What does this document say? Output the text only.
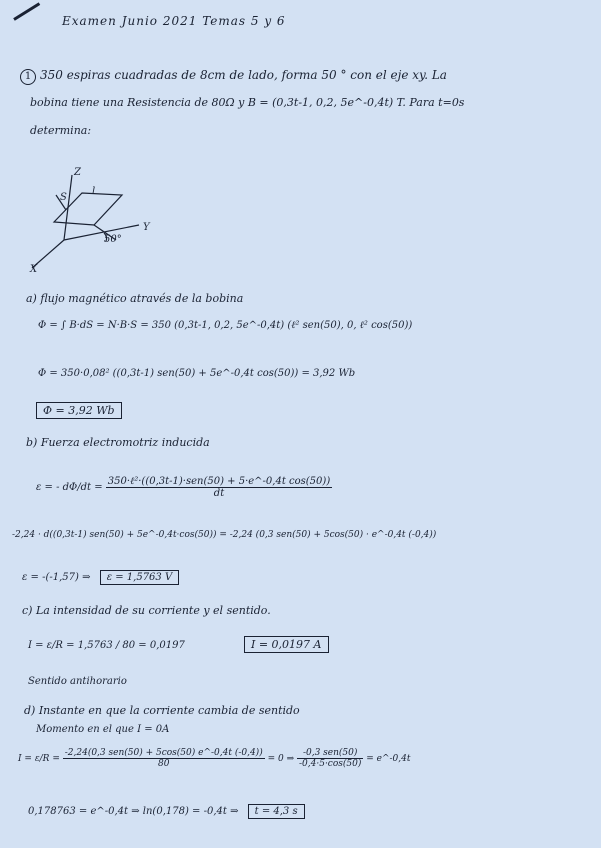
Examen Junio 2021 Temas 5 y 6
1 350 espiras cuadradas de 8cm de lado, forma 50 ° con el eje xy. La
bobina tiene una Resistencia de 80Ω y B = (0,3t-1, 0,2, 5e^-0,4t) T. Para t=0s
determina:
Z
Y
X
S
l
50°
a) flujo magnético através de la bobina
Φ = ∫ B·dS = N·B·S = 350 (0,3t-1, 0,2, 5e^-0,4t) (ℓ² sen(50), 0, ℓ² cos(50))
Φ = 350·0,08² ((0,3t-1) sen(50) + 5e^-0,4t cos(50)) = 3,92 Wb
Φ = 3,92 Wb
b) Fuerza electromotriz inducida
ε = - $d\Phi/dt = \frac{\text{350·ℓ²·((0,3t-1)·sen(50) + 5·e\textasciicircum{}-0,4t cos(50))}}{dt}$
-2,24 · d((0,3t-1) sen(50) + 5e^-0,4t·cos(50)) = -2,24 (0,3 sen(50) + 5cos(50) · e^-0,4t (-0,4))
ε = -(-1,57) ⇒ ε = 1,5763 V
c) La intensidad de su corriente y el sentido.
I = ε/R = 1,5763 / 80 = 0,0197	I = 0,0197 A
Sentido antihorario
d) Instante en que la corriente cambia de sentido
Momento en el que I = 0A
$I = \varepsilon/R = \frac{\text{-2,24(0,3 sen(50) + 5cos(50) e\textasciicircum{}-0,4t (-0,4))}}{80} = 0$ ⇒ $\frac{\text{-0,3 sen(50)}}{-0,4\cdot 5\cdot\cos(50)}$ = e^-0,4t
0,178763 = e^-0,4t ⇒ ln(0,178) = -0,4t ⇒ t = 4,3 s
